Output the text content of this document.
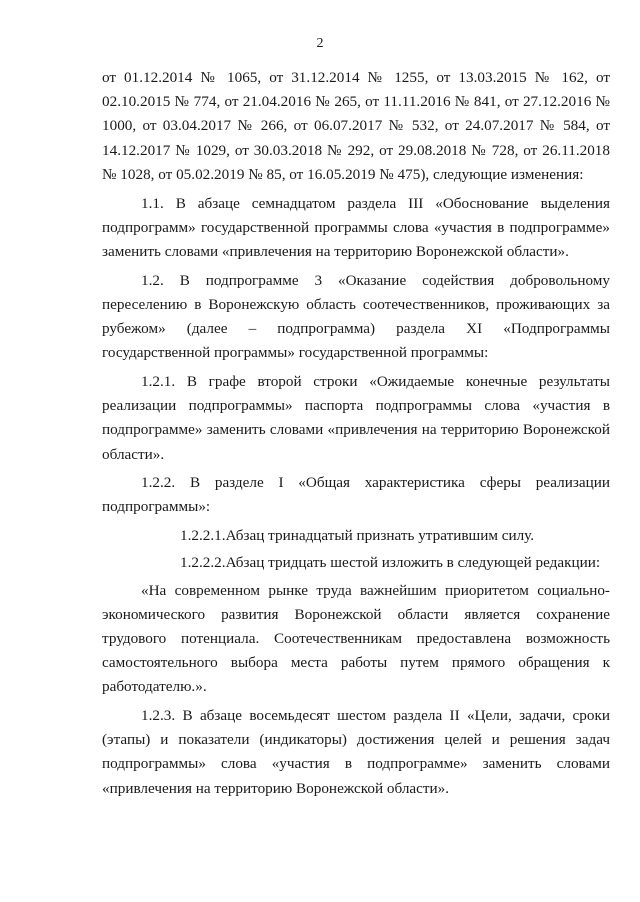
2

от 01.12.2014 № 1065, от 31.12.2014 № 1255, от 13.03.2015 № 162, от 02.10.2015 № 774, от 21.04.2016 № 265, от 11.11.2016 № 841, от 27.12.2016 № 1000, от 03.04.2017 № 266, от 06.07.2017 № 532, от 24.07.2017 № 584, от 14.12.2017 № 1029, от 30.03.2018 № 292, от 29.08.2018 № 728, от 26.11.2018 № 1028, от 05.02.2019 № 85, от 16.05.2019 № 475), следующие изменения:

1.1. В абзаце семнадцатом раздела III «Обоснование выделения подпрограмм» государственной программы слова «участия в подпрограмме» заменить словами «привлечения на территорию Воронежской области».

1.2. В подпрограмме 3 «Оказание содействия добровольному переселению в Воронежскую область соотечественников, проживающих за рубежом» (далее – подпрограмма) раздела XI «Подпрограммы государственной программы» государственной программы:

1.2.1. В графе второй строки «Ожидаемые конечные результаты реализации подпрограммы» паспорта подпрограммы слова «участия в подпрограмме» заменить словами «привлечения на территорию Воронежской области».

1.2.2. В разделе I «Общая характеристика сферы реализации подпрограммы»:

1.2.2.1.Абзац тринадцатый признать утратившим силу.

1.2.2.2.Абзац тридцать шестой изложить в следующей редакции:

«На современном рынке труда важнейшим приоритетом социально-экономического развития Воронежской области является сохранение трудового потенциала. Соотечественникам предоставлена возможность самостоятельного выбора места работы путем прямого обращения к работодателю.».

1.2.3. В абзаце восемьдесят шестом раздела II «Цели, задачи, сроки (этапы) и показатели (индикаторы) достижения целей и решения задач подпрограммы» слова «участия в подпрограмме» заменить словами «привлечения на территорию Воронежской области».
